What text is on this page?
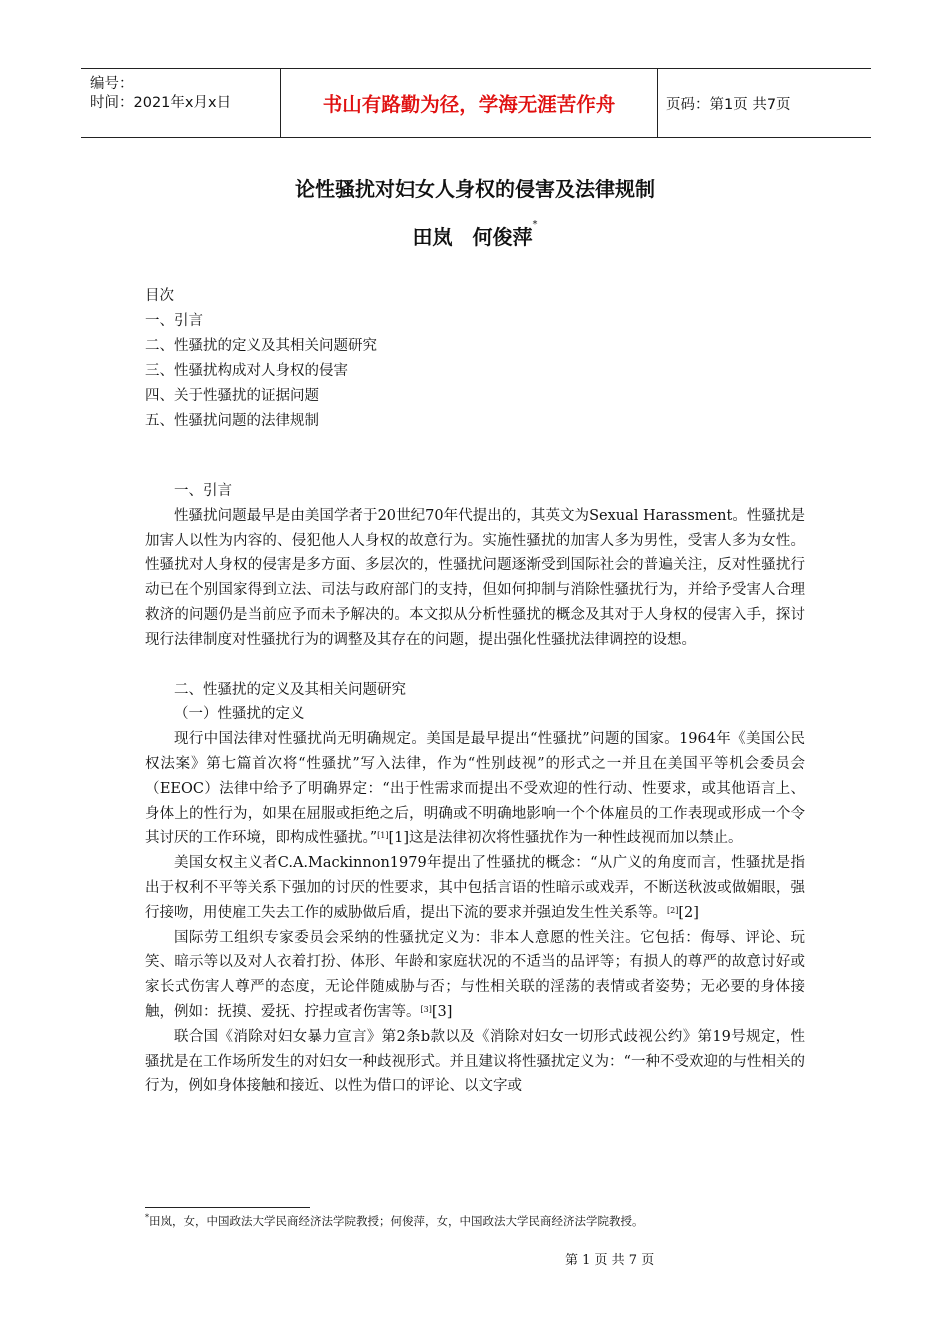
编号：
时间：2021年x月x日	书山有路勤为径，学海无涯苦作舟	页码：第1页 共7页
论性骚扰对妇女人身权的侵害及法律规制
田岚　何俊萍*
目次
一、引言
二、性骚扰的定义及其相关问题研究
三、性骚扰构成对人身权的侵害
四、关于性骚扰的证据问题
五、性骚扰问题的法律规制

一、引言

性骚扰问题最早是由美国学者于20世纪70年代提出的，其英文为Sexual Harassment。性骚扰是加害人以性为内容的、侵犯他人人身权的故意行为。实施性骚扰的加害人多为男性，受害人多为女性。性骚扰对人身权的侵害是多方面、多层次的，性骚扰问题逐渐受到国际社会的普遍关注，反对性骚扰行动已在个别国家得到立法、司法与政府部门的支持，但如何抑制与消除性骚扰行为，并给予受害人合理救济的问题仍是当前应予而未予解决的。本文拟从分析性骚扰的概念及其对于人身权的侵害入手，探讨现行法律制度对性骚扰行为的调整及其存在的问题，提出强化性骚扰法律调控的设想。

二、性骚扰的定义及其相关问题研究

（一）性骚扰的定义

现行中国法律对性骚扰尚无明确规定。美国是最早提出“性骚扰”问题的国家。1964年《美国公民权法案》第七篇首次将“性骚扰”写入法律，作为“性别歧视”的形式之一并且在美国平等机会委员会（EEOC）法律中给予了明确界定：“出于性需求而提出不受欢迎的性行动、性要求，或其他语言上、身体上的性行为，如果在屈服或拒绝之后，明确或不明确地影响一个个体雇员的工作表现或形成一个令其讨厌的工作环境，即构成性骚扰。”[1][1]这是法律初次将性骚扰作为一种性歧视而加以禁止。

美国女权主义者C.A.Mackinnon1979年提出了性骚扰的概念：“从广义的角度而言，性骚扰是指出于权利不平等关系下强加的讨厌的性要求，其中包括言语的性暗示或戏弄，不断送秋波或做媚眼，强行接吻，用使雇工失去工作的威胁做后盾，提出下流的要求并强迫发生性关系等。[2][2]

国际劳工组织专家委员会采纳的性骚扰定义为：非本人意愿的性关注。它包括：侮辱、评论、玩笑、暗示等以及对人衣着打扮、体形、年龄和家庭状况的不适当的品评等；有损人的尊严的故意讨好或家长式伤害人尊严的态度，无论伴随威胁与否；与性相关联的淫荡的表情或者姿势；无必要的身体接触，例如：抚摸、爱抚、拧捏或者伤害等。[3][3]

联合国《消除对妇女暴力宣言》第2条b款以及《消除对妇女一切形式歧视公约》第19号规定，性骚扰是在工作场所发生的对妇女一种歧视形式。并且建议将性骚扰定义为：“一种不受欢迎的与性相关的行为，例如身体接触和接近、以性为借口的评论、以文字或

*田岚，女，中国政法大学民商经济法学院教授；何俊萍，女，中国政法大学民商经济法学院教授。
第 1 页 共 7 页
